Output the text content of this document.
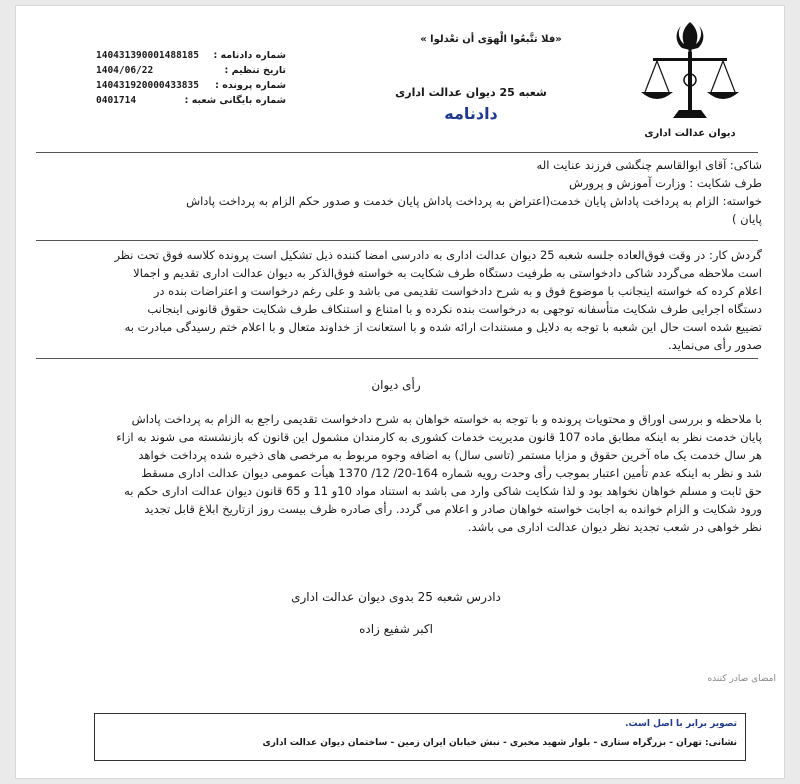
دیوان عدالت اداری
«فلا تتَّبعُوا الْهوَى أن تعْدلوا »
شعبه 25 دیوان عدالت اداری
دادنامه
140431390001488185 شماره دادنامه :
1404/06/22	تاریخ تنظیم :
140431920000433835 شماره پرونده :
0401714	شماره بایگانی شعبه :
شاکی: آقای ابوالقاسم چنگشی فرزند عنایت اله
طرف شکایت : وزارت آموزش و پرورش
خواسته: الزام به پرداخت پاداش پایان خدمت(اعتراض به پرداخت پاداش پایان خدمت و صدور حکم الزام به پرداخت پاداش
پایان )
گردش کار: در وقت فوق‌العاده جلسه شعبه 25 دیوان عدالت اداری به دادرسی امضا کننده ذیل تشکیل است پرونده کلاسه فوق تحت نظر
است ملاحظه می‌گردد شاکی دادخواستی به طرفیت دستگاه طرف شکایت به خواسته فوق‌الذکر به دیوان عدالت اداری تقدیم و اجمالا
اعلام کرده که خواسته اینجانب با موضوع فوق و به شرح دادخواست تقدیمی می باشد و علی رغم درخواست و اعتراضات بنده در
دستگاه اجرایی طرف شکایت متأسفانه توجهی به درخواست بنده نکرده و با امتناع و استنکاف طرف شکایت حقوق قانونی اینجانب
تضییع شده است حال این شعبه با توجه به دلایل و مستندات ارائه شده و با استعانت از خداوند متعال و با اعلام ختم رسیدگی مبادرت به
صدور رأی می‌نماید.
رأی دیوان
با ملاحظه و بررسی اوراق و محتویات پرونده و با توجه به خواسته خواهان به شرح دادخواست تقدیمی راجع به الزام به پرداخت پاداش
پایان خدمت نظر به اینکه مطابق ماده 107 قانون مدیریت خدمات کشوری به کارمندان مشمول این قانون که بازنشسته می شوند به ازاء
هر سال خدمت یک ماه آخرین حقوق و مزایا مستمر (تاسی سال) به اضافه وجوه مربوط به مرخصی های ذخیره شده پرداخت خواهد
شد و نظر به اینکه عدم تأمین اعتبار بموجب رأی وحدت رویه شماره 164-20/ 12/ 1370 هیأت عمومی دیوان عدالت اداری مسقط
حق ثابت و مسلم خواهان نخواهد بود و لذا شکایت شاکی وارد می باشد به استناد مواد 10و 11 و 65 قانون دیوان عدالت اداری حکم به
ورود شکایت و الزام خوانده به اجابت خواسته خواهان صادر و اعلام می گردد. رأی صادره ظرف بیست روز ازتاریخ ابلاغ قابل تجدید
نظر خواهی در شعب تجدید نظر دیوان عدالت اداری می باشد.
دادرس شعبه 25 بدوی دیوان عدالت اداری
اکبر شفیع زاده
امضای صادر کننده
تصویر برابر با اصل است.
نشانی: تهران - بزرگراه ستاری - بلوار شهید مخبری - نبش خیابان ایران زمین - ساختمان دیوان عدالت اداری
